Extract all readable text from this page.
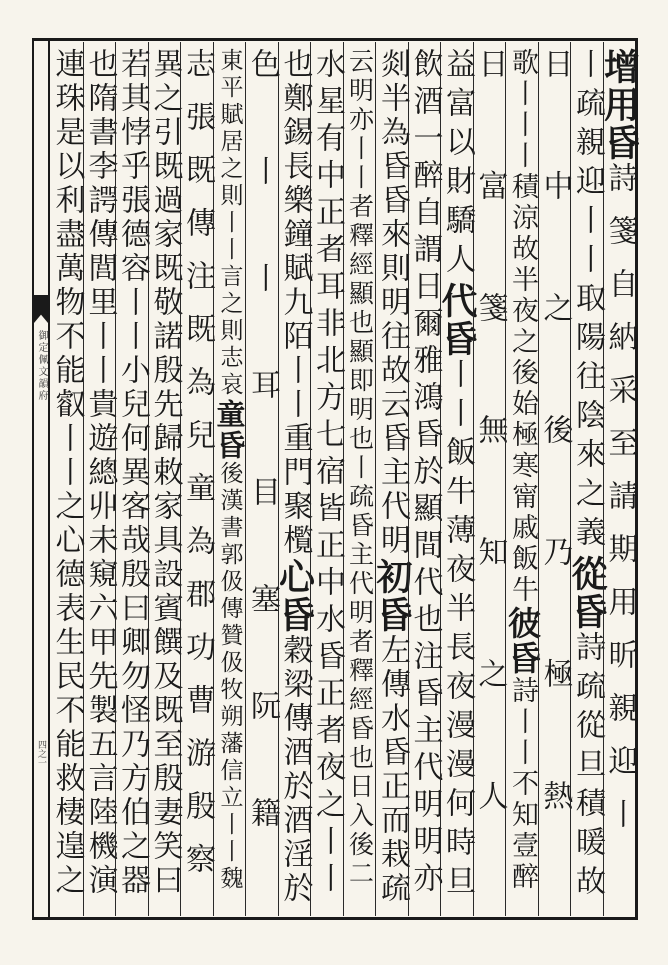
御定佩文韻府
四之一
增用昏詩箋自納采至請期用昕親迎丨
丨疏親迎丨丨取陽往陰來之義從昏詩疏從旦積暖故
日中之後乃極熱
歌丨丨丨積涼故半夜之後始極寒甯戚飯牛彼昏詩丨丨不知壹醉
日富箋無知之人
益富以財驕人代昏丨丨飯牛薄夜半長夜漫漫何時旦
飲酒一醉自謂日爾雅鴻昏於顯間代也注昏主代明明亦
剡半為昏昏來則明往故云昏主代明初昏左傳水昏正而栽疏
云明亦丨丨者釋經顯也顯即明也丨疏昏主代明者釋經昏也日入後二
水星有中正者耳非北方七宿皆正中水昏正者夜之丨丨
也鄭錫長樂鐘賦九陌丨丨重門聚㰖心昏穀梁傳酒於酒淫於
色丨丨耳目塞阮籍
東平賦居之則丨丨言之則志哀童昏後漢書郭伋傳贊伋牧朔藩信立丨丨魏
志張既傳注既為兒童為郡功曹游殷察
異之引既過家既敬諾殷先歸敕家具設賓饌及既至殷妻笑曰
若其悖乎張德容丨丨小兒何異客哉殷曰卿勿怪乃方伯之器
也隋書李諤傳閭里丨丨貴遊總丱未窺六甲先製五言陸機演
連珠是以利盡萬物不能叡丨丨之心德表生民不能救棲遑之
